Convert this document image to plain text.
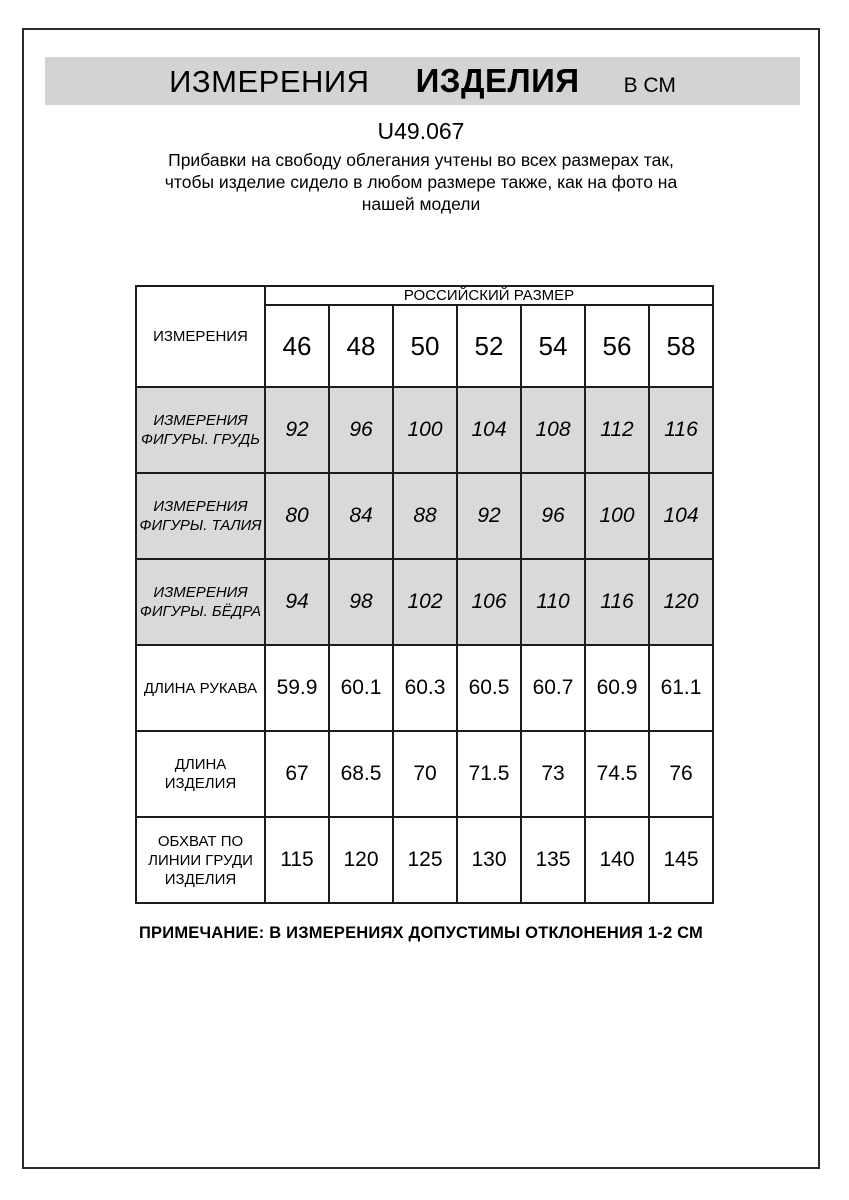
ИЗМЕРЕНИЯ ИЗДЕЛИЯ В СМ
U49.067
Прибавки на свободу облегания учтены во всех размерах так,
чтобы изделие сидело в любом размере также, как на фото на
нашей модели
ИЗМЕРЕНИЯ	РОССИЙСКИЙ РАЗМЕР						
	46	48	50	52	54	56	58
ИЗМЕРЕНИЯ ФИГУРЫ. ГРУДЬ	92	96	100	104	108	112	116
ИЗМЕРЕНИЯ ФИГУРЫ. ТАЛИЯ	80	84	88	92	96	100	104
ИЗМЕРЕНИЯ ФИГУРЫ. БЁДРА	94	98	102	106	110	116	120
ДЛИНА РУКАВА	59.9	60.1	60.3	60.5	60.7	60.9	61.1
ДЛИНА ИЗДЕЛИЯ	67	68.5	70	71.5	73	74.5	76
ОБХВАТ ПО ЛИНИИ ГРУДИ ИЗДЕЛИЯ	115	120	125	130	135	140	145
ПРИМЕЧАНИЕ: В ИЗМЕРЕНИЯХ ДОПУСТИМЫ ОТКЛОНЕНИЯ 1-2 СМ
